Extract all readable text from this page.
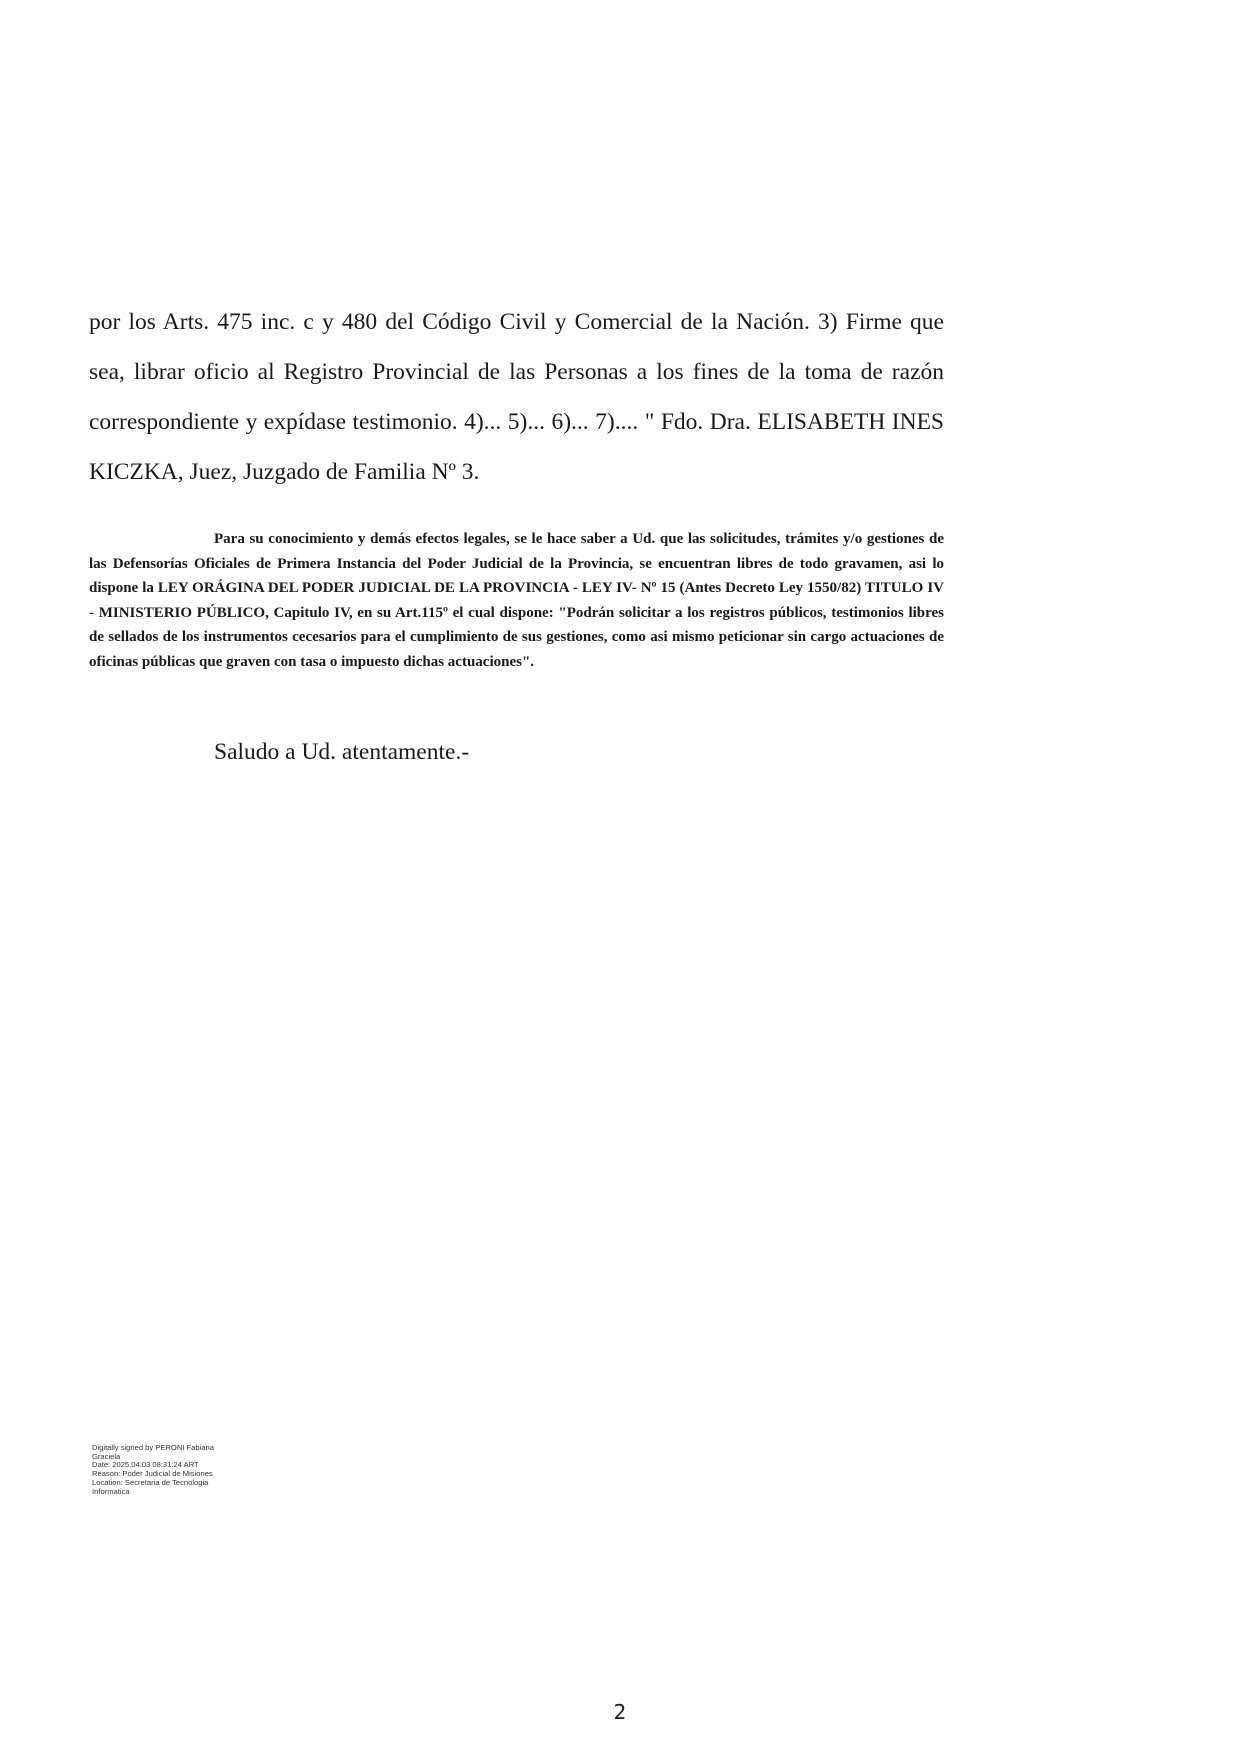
por los Arts. 475 inc. c y 480 del Código Civil y Comercial de la Nación. 3) Firme que sea, librar oficio al Registro Provincial de las Personas a los fines de la toma de razón correspondiente y expídase testimonio. 4)... 5)... 6)... 7).... " Fdo. Dra. ELISABETH INES KICZKA, Juez, Juzgado de Familia Nº 3.

Para su conocimiento y demás efectos legales, se le hace saber a Ud. que las solicitudes, trámites y/o gestiones de las Defensorías Oficiales de Primera Instancia del Poder Judicial de la Provincia, se encuentran libres de todo gravamen, asi lo dispone la LEY ORÁGINA DEL PODER JUDICIAL DE LA PROVINCIA - LEY IV- Nº 15 (Antes Decreto Ley 1550/82) TITULO IV - MINISTERIO PÚBLICO, Capitulo IV, en su Art.115º el cual dispone: "Podrán solicitar a los registros públicos, testimonios libres de sellados de los instrumentos cecesarios para el cumplimiento de sus gestiones, como asi mismo peticionar sin cargo actuaciones de oficinas públicas que graven con tasa o impuesto dichas actuaciones".

Saludo a Ud. atentamente.-

Digitally signed by PERONI Fabiana
Graciela
Date: 2025.04.03 08:31:24 ART
Reason: Poder Judicial de Misiones
Location: Secretaria de Tecnologia
Informatica
2
